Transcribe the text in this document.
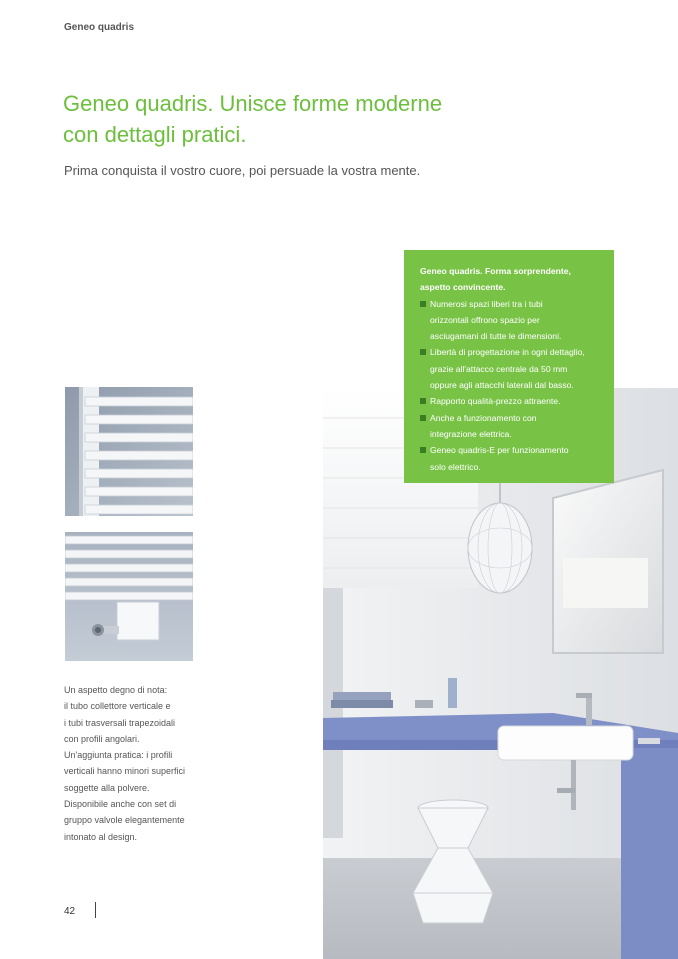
Geneo quadris
Geneo quadris. Unisce forme moderne
con dettagli pratici.

Prima conquista il vostro cuore, poi persuade la vostra mente.

Un aspetto degno di nota:
il tubo collettore verticale e
i tubi trasversali trapezoidali
con profili angolari.
Un'aggiunta pratica: i profili
verticali hanno minori superfici
soggette alla polvere.
Disponibile anche con set di
gruppo valvole elegantemente
intonato al design.
Geneo quadris. Forma sorprendente,
aspetto convincente.
Numerosi spazi liberi tra i tubi
orizzontali offrono spazio per
asciugamani di tutte le dimensioni.
Libertà di progettazione in ogni dettaglio,
grazie all'attacco centrale da 50 mm
oppure agli attacchi laterali dal basso.
Rapporto qualità-prezzo attraente.
Anche a funzionamento con
integrazione elettrica.
Geneo quadris-E per funzionamento
solo elettrico.
42
